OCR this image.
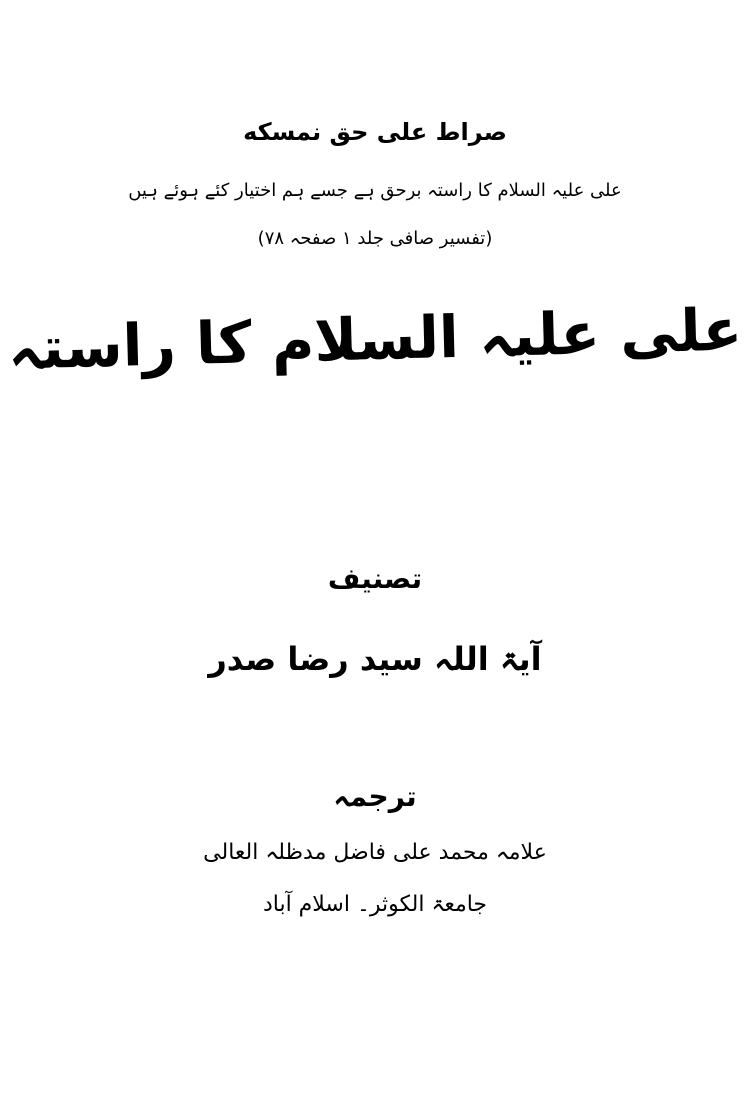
صراط علی حق نمسکه
علی علیہ السلام کا راستہ برحق ہے جسے ہم اختیار کئے ہوئے ہیں
(تفسیر صافی جلد ۱ صفحہ ۷۸)
علی علیہ السلام کا راستہ
تصنیف
آیۃ اللہ سید رضا صدر
ترجمہ
علامہ محمد علی فاضل مدظلہ العالی
جامعۃ الکوثر۔ اسلام آباد
